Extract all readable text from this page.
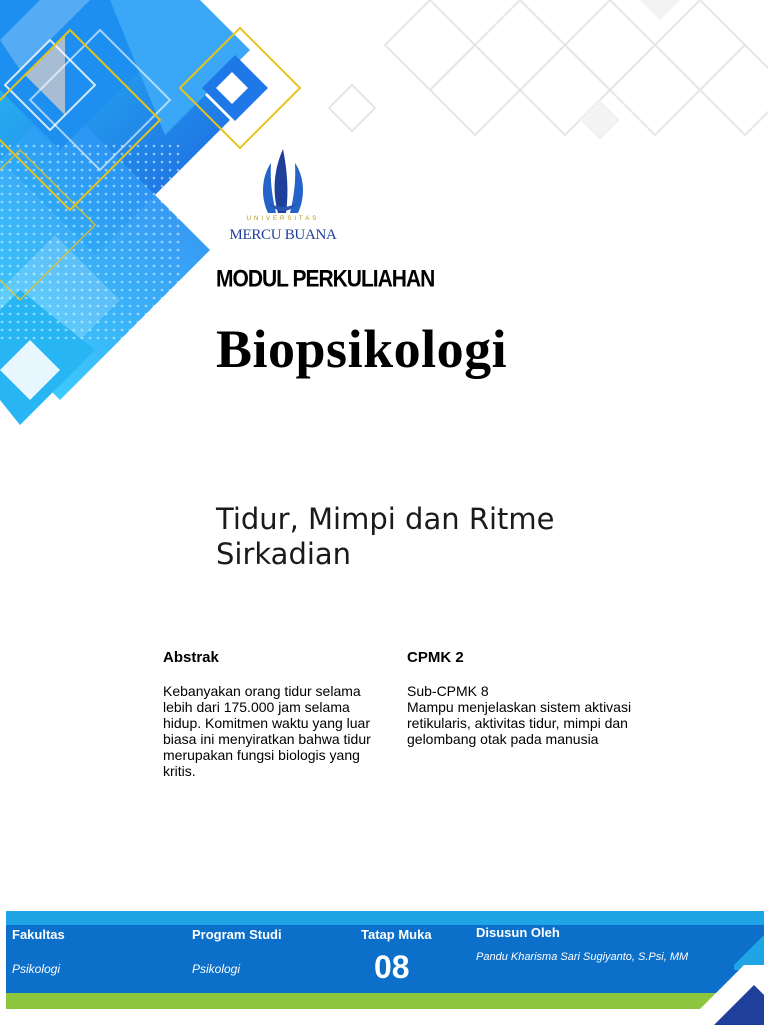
UNIVERSITAS
MERCU BUANA
MODUL PERKULIAHAN
Biopsikologi
Tidur, Mimpi dan Ritme Sirkadian
Abstrak
Kebanyakan orang tidur selama lebih dari 175.000 jam selama hidup. Komitmen waktu yang luar biasa ini menyiratkan bahwa tidur merupakan fungsi biologis yang kritis.
CPMK 2
Sub-CPMK 8
Mampu menjelaskan sistem aktivasi retikularis, aktivitas tidur, mimpi dan gelombang otak pada manusia
Fakultas
Psikologi
Program Studi
Psikologi
Tatap Muka
08
Disusun Oleh
Pandu Kharisma Sari Sugiyanto, S.Psi, MM
